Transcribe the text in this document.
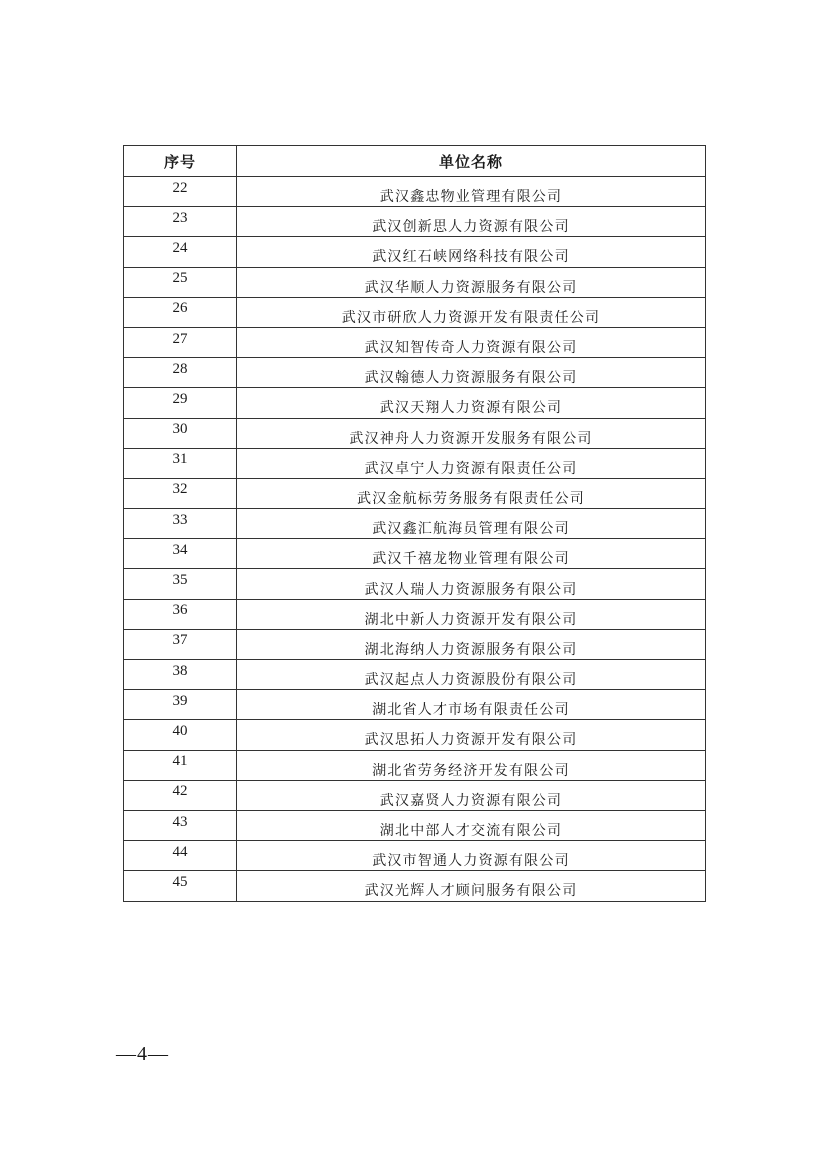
序号	单位名称
22	武汉鑫忠物业管理有限公司
23	武汉创新思人力资源有限公司
24	武汉红石峡网络科技有限公司
25	武汉华顺人力资源服务有限公司
26	武汉市研欣人力资源开发有限责任公司
27	武汉知智传奇人力资源有限公司
28	武汉翰德人力资源服务有限公司
29	武汉天翔人力资源有限公司
30	武汉神舟人力资源开发服务有限公司
31	武汉卓宁人力资源有限责任公司
32	武汉金航标劳务服务有限责任公司
33	武汉鑫汇航海员管理有限公司
34	武汉千禧龙物业管理有限公司
35	武汉人瑞人力资源服务有限公司
36	湖北中新人力资源开发有限公司
37	湖北海纳人力资源服务有限公司
38	武汉起点人力资源股份有限公司
39	湖北省人才市场有限责任公司
40	武汉思拓人力资源开发有限公司
41	湖北省劳务经济开发有限公司
42	武汉嘉贤人力资源有限公司
43	湖北中部人才交流有限公司
44	武汉市智通人力资源有限公司
45	武汉光辉人才顾问服务有限公司
—4—
